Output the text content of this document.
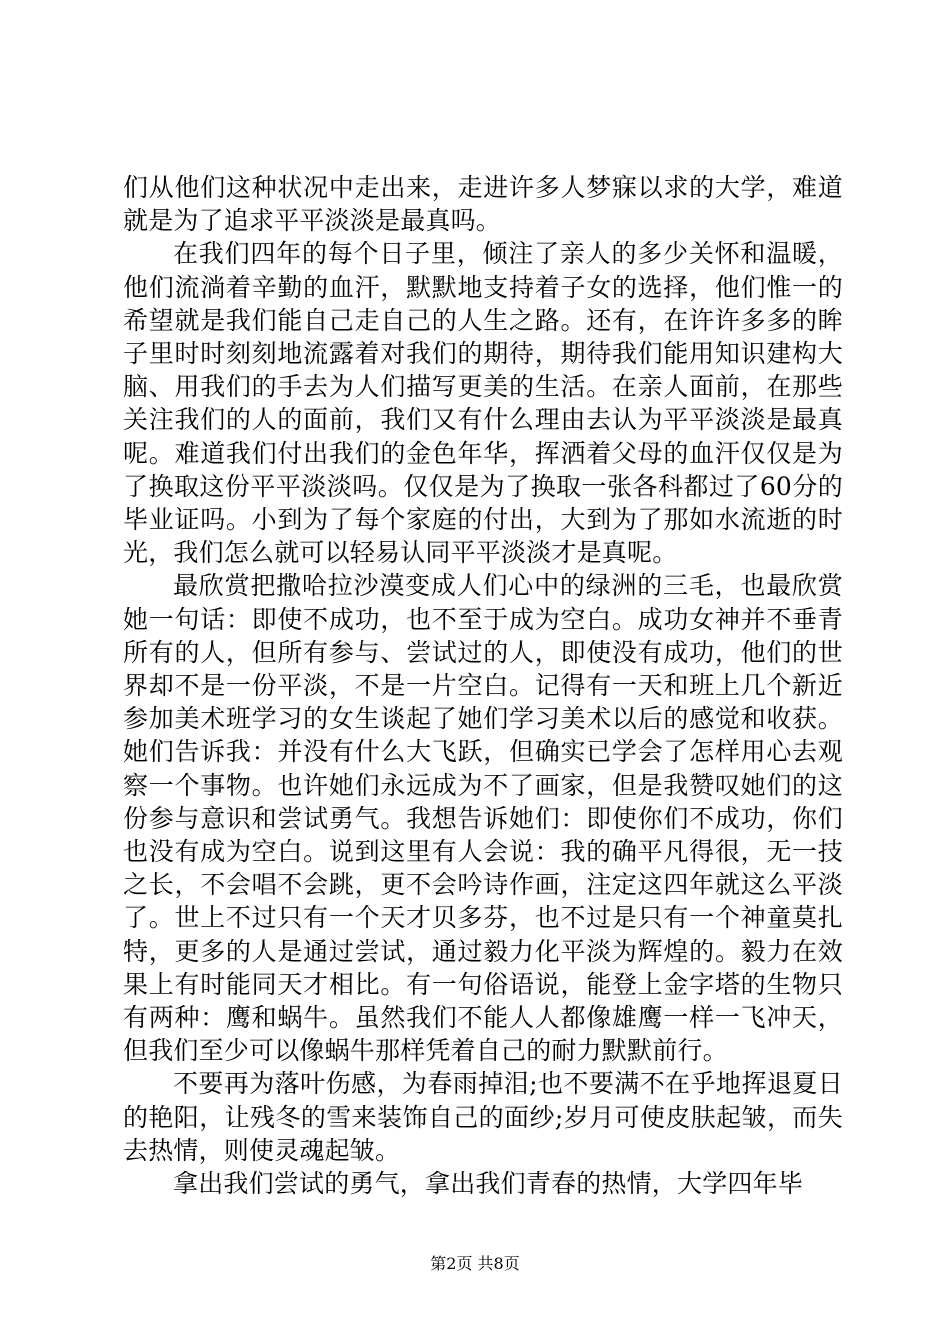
们从他们这种状况中走出来，走进许多人梦寐以求的大学，难道就是为了追求平平淡淡是最真吗。

在我们四年的每个日子里，倾注了亲人的多少关怀和温暖，他们流淌着辛勤的血汗，默默地支持着子女的选择，他们惟一的希望就是我们能自己走自己的人生之路。还有，在许许多多的眸子里时时刻刻地流露着对我们的期待，期待我们能用知识建构大脑、用我们的手去为人们描写更美的生活。在亲人面前，在那些关注我们的人的面前，我们又有什么理由去认为平平淡淡是最真呢。难道我们付出我们的金色年华，挥洒着父母的血汗仅仅是为了换取这份平平淡淡吗。仅仅是为了换取一张各科都过了60分的毕业证吗。小到为了每个家庭的付出，大到为了那如水流逝的时光，我们怎么就可以轻易认同平平淡淡才是真呢。

最欣赏把撒哈拉沙漠变成人们心中的绿洲的三毛，也最欣赏她一句话：即使不成功，也不至于成为空白。成功女神并不垂青所有的人，但所有参与、尝试过的人，即使没有成功，他们的世界却不是一份平淡，不是一片空白。记得有一天和班上几个新近参加美术班学习的女生谈起了她们学习美术以后的感觉和收获。她们告诉我：并没有什么大飞跃，但确实已学会了怎样用心去观察一个事物。也许她们永远成为不了画家，但是我赞叹她们的这份参与意识和尝试勇气。我想告诉她们：即使你们不成功，你们也没有成为空白。说到这里有人会说：我的确平凡得很，无一技之长，不会唱不会跳，更不会吟诗作画，注定这四年就这么平淡了。世上不过只有一个天才贝多芬，也不过是只有一个神童莫扎特，更多的人是通过尝试，通过毅力化平淡为辉煌的。毅力在效果上有时能同天才相比。有一句俗语说，能登上金字塔的生物只有两种：鹰和蜗牛。虽然我们不能人人都像雄鹰一样一飞冲天，但我们至少可以像蜗牛那样凭着自己的耐力默默前行。

不要再为落叶伤感，为春雨掉泪;也不要满不在乎地挥退夏日的艳阳，让残冬的雪来装饰自己的面纱;岁月可使皮肤起皱，而失去热情，则使灵魂起皱。

拿出我们尝试的勇气，拿出我们青春的热情，大学四年毕

第2页 共8页
